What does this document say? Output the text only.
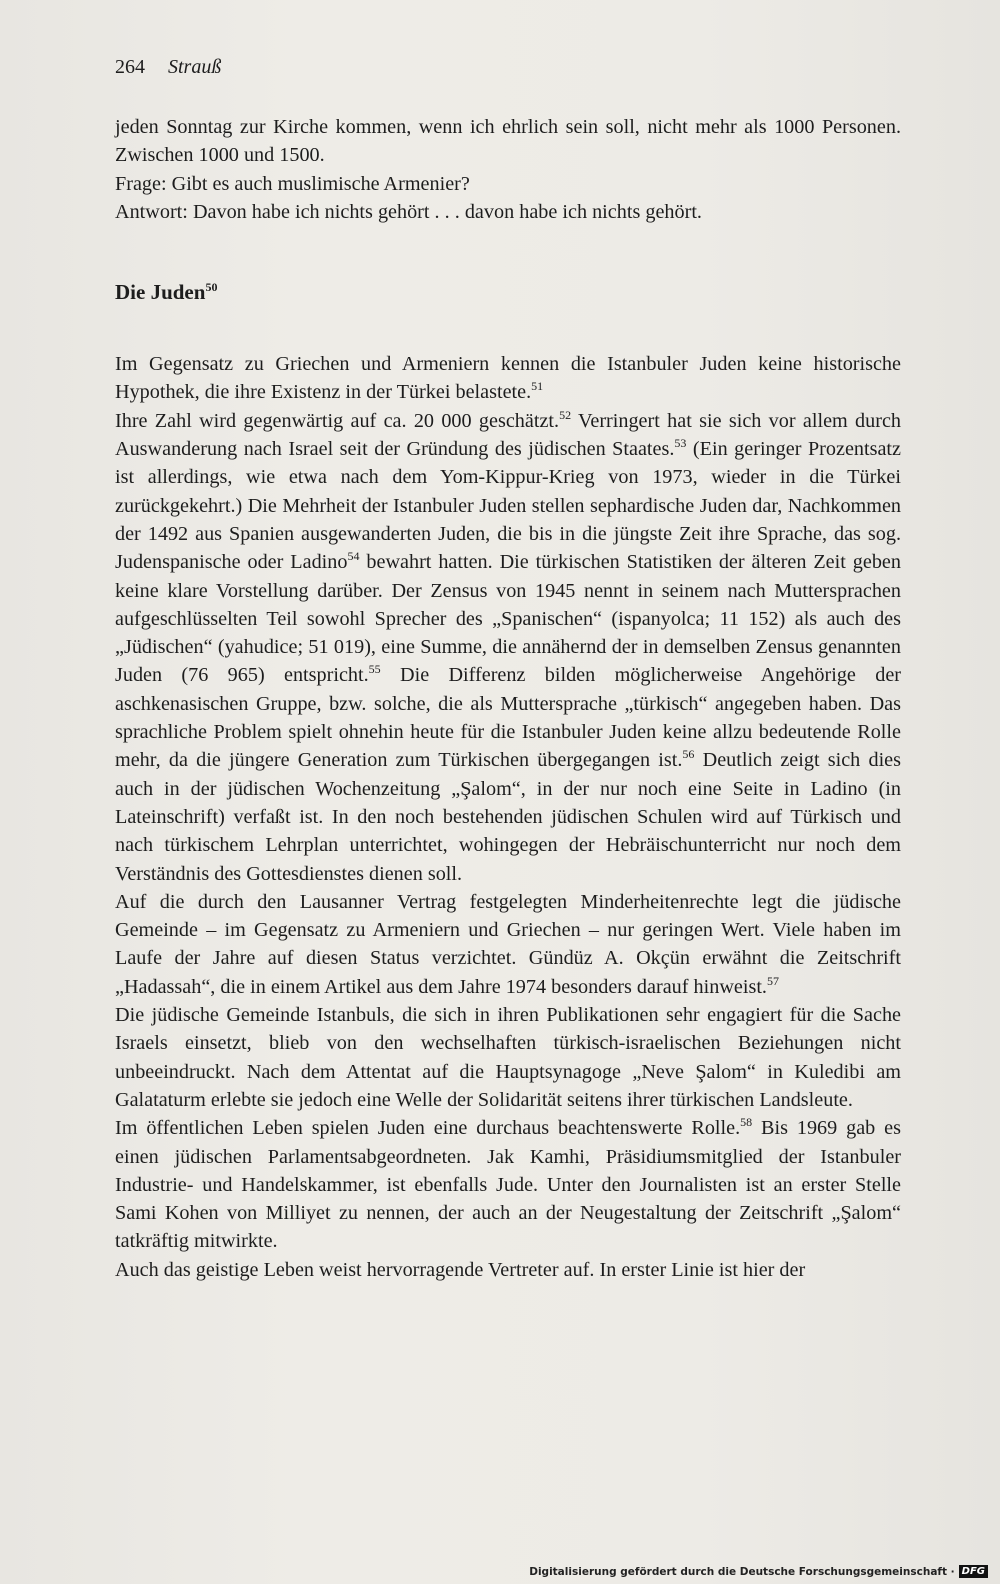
264 Strauß

jeden Sonntag zur Kirche kommen, wenn ich ehrlich sein soll, nicht mehr als 1000 Personen. Zwischen 1000 und 1500.

Frage: Gibt es auch muslimische Armenier?

Antwort: Davon habe ich nichts gehört . . . davon habe ich nichts gehört.

Die Juden$^{50}$

Im Gegensatz zu Griechen und Armeniern kennen die Istanbuler Juden keine historische Hypothek, die ihre Existenz in der Türkei belastete.$^{51}$

Ihre Zahl wird gegenwärtig auf ca. 20 000 geschätzt.$^{52}$ Verringert hat sie sich vor allem durch Auswanderung nach Israel seit der Gründung des jüdischen Staates.$^{53}$ (Ein geringer Prozentsatz ist allerdings, wie etwa nach dem Yom-Kippur-Krieg von 1973, wieder in die Türkei zurückgekehrt.) Die Mehrheit der Istanbuler Juden stellen sephardische Juden dar, Nachkommen der 1492 aus Spanien ausgewanderten Juden, die bis in die jüngste Zeit ihre Sprache, das sog. Judenspanische oder Ladino$^{54}$ bewahrt hatten. Die türkischen Statistiken der älteren Zeit geben keine klare Vorstellung darüber. Der Zensus von 1945 nennt in seinem nach Muttersprachen aufgeschlüsselten Teil sowohl Sprecher des „Spanischen“ (ispanyolca; 11 152) als auch des „Jüdischen“ (yahudice; 51 019), eine Summe, die annähernd der in demselben Zensus genannten Juden (76 965) entspricht.$^{55}$ Die Differenz bilden möglicherweise Angehörige der aschkenasischen Gruppe, bzw. solche, die als Muttersprache „türkisch“ angegeben haben. Das sprachliche Problem spielt ohnehin heute für die Istanbuler Juden keine allzu bedeutende Rolle mehr, da die jüngere Generation zum Türkischen übergegangen ist.$^{56}$ Deutlich zeigt sich dies auch in der jüdischen Wochenzeitung „Şalom“, in der nur noch eine Seite in Ladino (in Lateinschrift) verfaßt ist. In den noch bestehenden jüdischen Schulen wird auf Türkisch und nach türkischem Lehrplan unterrichtet, wohingegen der Hebräischunterricht nur noch dem Verständnis des Gottesdienstes dienen soll.

Auf die durch den Lausanner Vertrag festgelegten Minderheitenrechte legt die jüdische Gemeinde – im Gegensatz zu Armeniern und Griechen – nur geringen Wert. Viele haben im Laufe der Jahre auf diesen Status verzichtet. Gündüz A. Okçün erwähnt die Zeitschrift „Hadassah“, die in einem Artikel aus dem Jahre 1974 besonders darauf hinweist.$^{57}$

Die jüdische Gemeinde Istanbuls, die sich in ihren Publikationen sehr engagiert für die Sache Israels einsetzt, blieb von den wechselhaften türkisch-israelischen Beziehungen nicht unbeeindruckt. Nach dem Attentat auf die Hauptsynagoge „Neve Şalom“ in Kuledibi am Galataturm erlebte sie jedoch eine Welle der Solidarität seitens ihrer türkischen Landsleute.

Im öffentlichen Leben spielen Juden eine durchaus beachtenswerte Rolle.$^{58}$ Bis 1969 gab es einen jüdischen Parlamentsabgeordneten. Jak Kamhi, Präsidiumsmitglied der Istanbuler Industrie- und Handelskammer, ist ebenfalls Jude. Unter den Journalisten ist an erster Stelle Sami Kohen von Milliyet zu nennen, der auch an der Neugestaltung der Zeitschrift „Şalom“ tatkräftig mitwirkte.

Auch das geistige Leben weist hervorragende Vertreter auf. In erster Linie ist hier der

Digitalisierung gefördert durch die Deutsche Forschungsgemeinschaft · DFG
